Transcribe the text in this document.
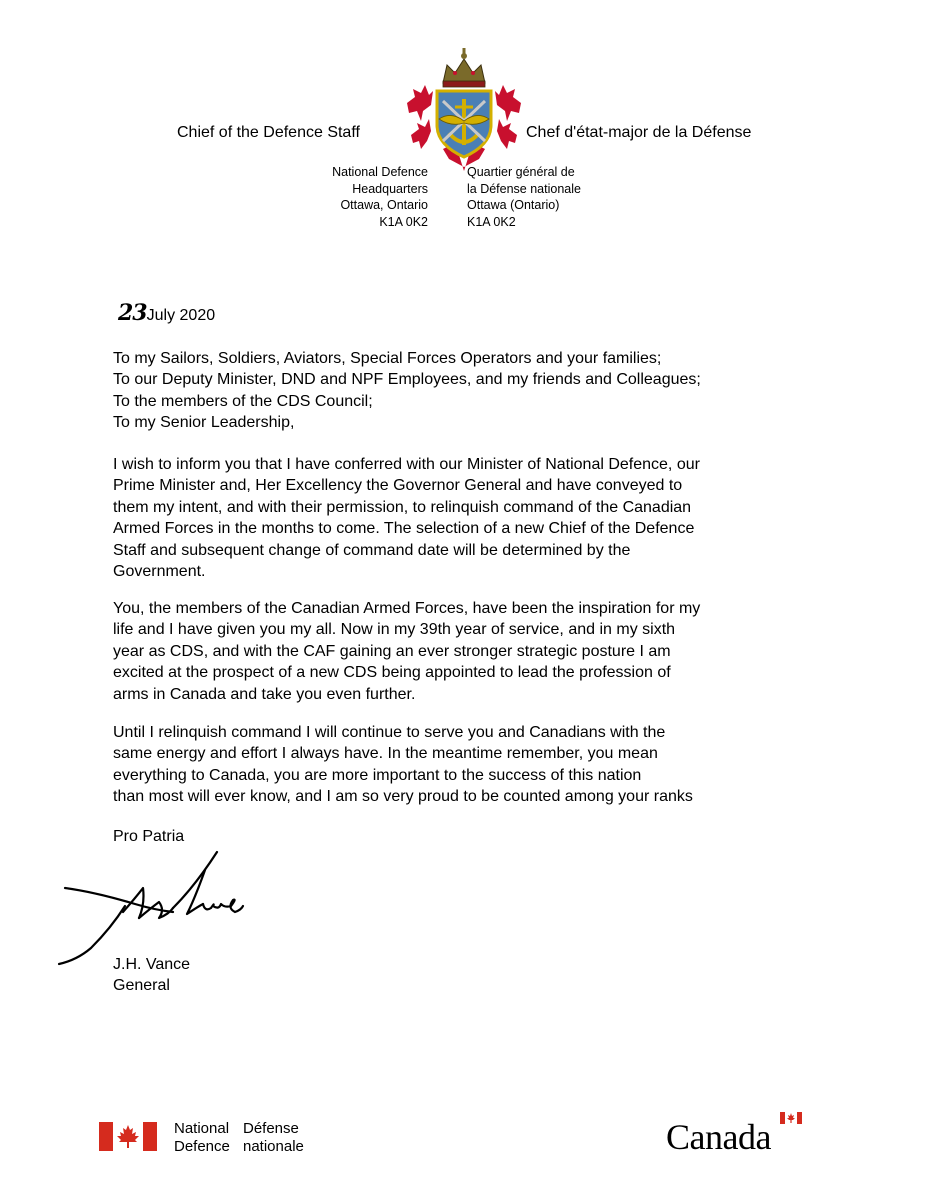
Chief of the Defence Staff	Chef d'état-major de la Défense
National Defence
Headquarters
Ottawa, Ontario
K1A 0K2
Quartier général de
la Défense nationale
Ottawa (Ontario)
K1A 0K2
23July 2020
To my Sailors, Soldiers, Aviators, Special Forces Operators and your families;
To our Deputy Minister, DND and NPF Employees, and my friends and Colleagues;
To the members of the CDS Council;
To my Senior Leadership,
I wish to inform you that I have conferred with our Minister of National Defence, our
Prime Minister and, Her Excellency the Governor General and have conveyed to
them my intent, and with their permission, to relinquish command of the Canadian
Armed Forces in the months to come. The selection of a new Chief of the Defence
Staff and subsequent change of command date will be determined by the
Government.
You, the members of the Canadian Armed Forces, have been the inspiration for my
life and I have given you my all. Now in my 39th year of service, and in my sixth
year as CDS, and with the CAF gaining an ever stronger strategic posture I am
excited at the prospect of a new CDS being appointed to lead the profession of
arms in Canada and take you even further.
Until I relinquish command I will continue to serve you and Canadians with the
same energy and effort I always have. In the meantime remember, you mean
everything to Canada, you are more important to the success of this nation
than most will ever know, and I am so very proud to be counted among your ranks
Pro Patria
J.H. Vance
General
National
Defence
Défense
nationale	Canada
